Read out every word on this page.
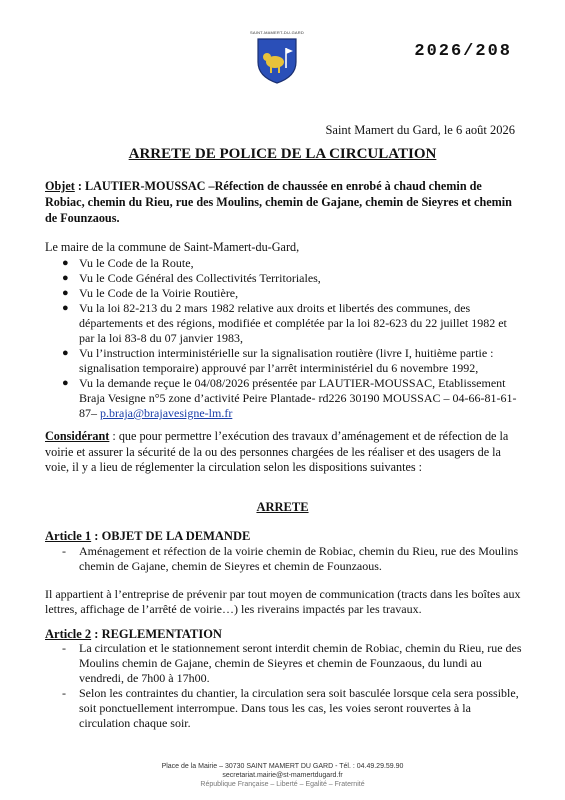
SAINT-MAMERT-DU-GARD
2026/208
Saint Mamert du Gard, le 6 août 2026
ARRETE DE POLICE DE LA CIRCULATION
Objet : LAUTIER-MOUSSAC –Réfection de chaussée en enrobé à chaud chemin de Robiac, chemin du Rieu, rue des Moulins, chemin de Gajane, chemin de Sieyres et chemin de Founzaous.
Le maire de la commune de Saint-Mamert-du-Gard,
● Vu le Code de la Route,
● Vu le Code Général des Collectivités Territoriales,
● Vu le Code de la Voirie Routière,
● Vu la loi 82-213 du 2 mars 1982 relative aux droits et libertés des communes, des départements et des régions, modifiée et complétée par la loi 82-623 du 22 juillet 1982 et par la loi 83-8 du 07 janvier 1983,
● Vu l’instruction interministérielle sur la signalisation routière (livre I, huitième partie : signalisation temporaire) approuvé par l’arrêt interministériel du 6 novembre 1992,
● Vu la demande reçue le 04/08/2026 présentée par LAUTIER-MOUSSAC, Etablissement Braja Vesigne n°5 zone d’activité Peire Plantade- rd226 30190 MOUSSAC – 04-66-81-61-87– p.braja@brajavesigne-lm.fr
Considérant : que pour permettre l’exécution des travaux d’aménagement et de réfection de la voirie et assurer la sécurité de la ou des personnes chargées de les réaliser et des usagers de la voie, il y a lieu de réglementer la circulation selon les dispositions suivantes :
ARRETE
Article 1 : OBJET DE LA DEMANDE
- Aménagement et réfection de la voirie chemin de Robiac, chemin du Rieu, rue des Moulins chemin de Gajane, chemin de Sieyres et chemin de Founzaous.
Il appartient à l’entreprise de prévenir par tout moyen de communication (tracts dans les boîtes aux lettres, affichage de l’arrêté de voirie…) les riverains impactés par les travaux.
Article 2 : REGLEMENTATION
- La circulation et le stationnement seront interdit chemin de Robiac, chemin du Rieu, rue des Moulins chemin de Gajane, chemin de Sieyres et chemin de Founzaous, du lundi au vendredi, de 7h00 à 17h00.
- Selon les contraintes du chantier, la circulation sera soit basculée lorsque cela sera possible, soit ponctuellement interrompue. Dans tous les cas, les voies seront rouvertes à la circulation chaque soir.
Place de la Mairie – 30730 SAINT MAMERT DU GARD - Tél. : 04.49.29.59.90
secretariat.mairie@st-mamertdugard.fr
République Française – Liberté – Egalité – Fraternité
